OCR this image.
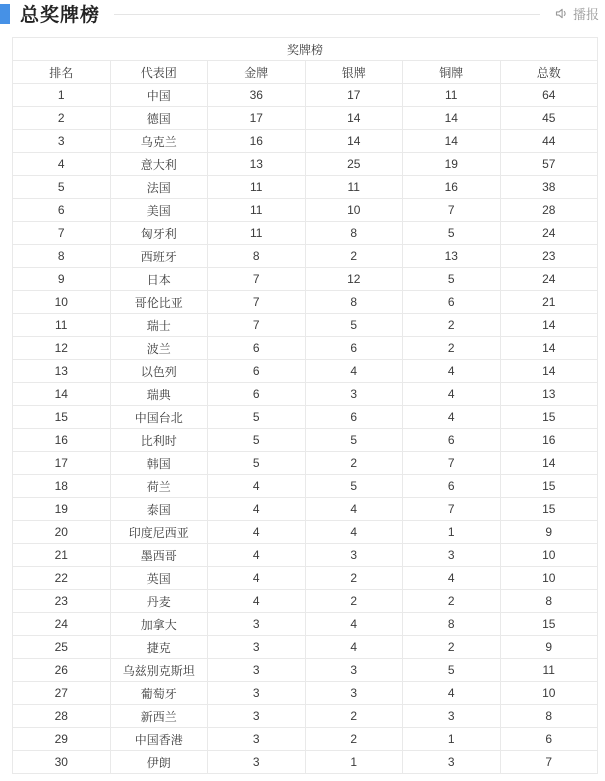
总奖牌榜	播报
奖牌榜					
排名	代表团	金牌	银牌	铜牌	总数
1	中国	36	17	11	64
2	德国	17	14	14	45
3	乌克兰	16	14	14	44
4	意大利	13	25	19	57
5	法国	11	11	16	38
6	美国	11	10	7	28
7	匈牙利	11	8	5	24
8	西班牙	8	2	13	23
9	日本	7	12	5	24
10	哥伦比亚	7	8	6	21
11	瑞士	7	5	2	14
12	波兰	6	6	2	14
13	以色列	6	4	4	14
14	瑞典	6	3	4	13
15	中国台北	5	6	4	15
16	比利时	5	5	6	16
17	韩国	5	2	7	14
18	荷兰	4	5	6	15
19	泰国	4	4	7	15
20	印度尼西亚	4	4	1	9
21	墨西哥	4	3	3	10
22	英国	4	2	4	10
23	丹麦	4	2	2	8
24	加拿大	3	4	8	15
25	捷克	3	4	2	9
26	乌兹别克斯坦	3	3	5	11
27	葡萄牙	3	3	4	10
28	新西兰	3	2	3	8
29	中国香港	3	2	1	6
30	伊朗	3	1	3	7
